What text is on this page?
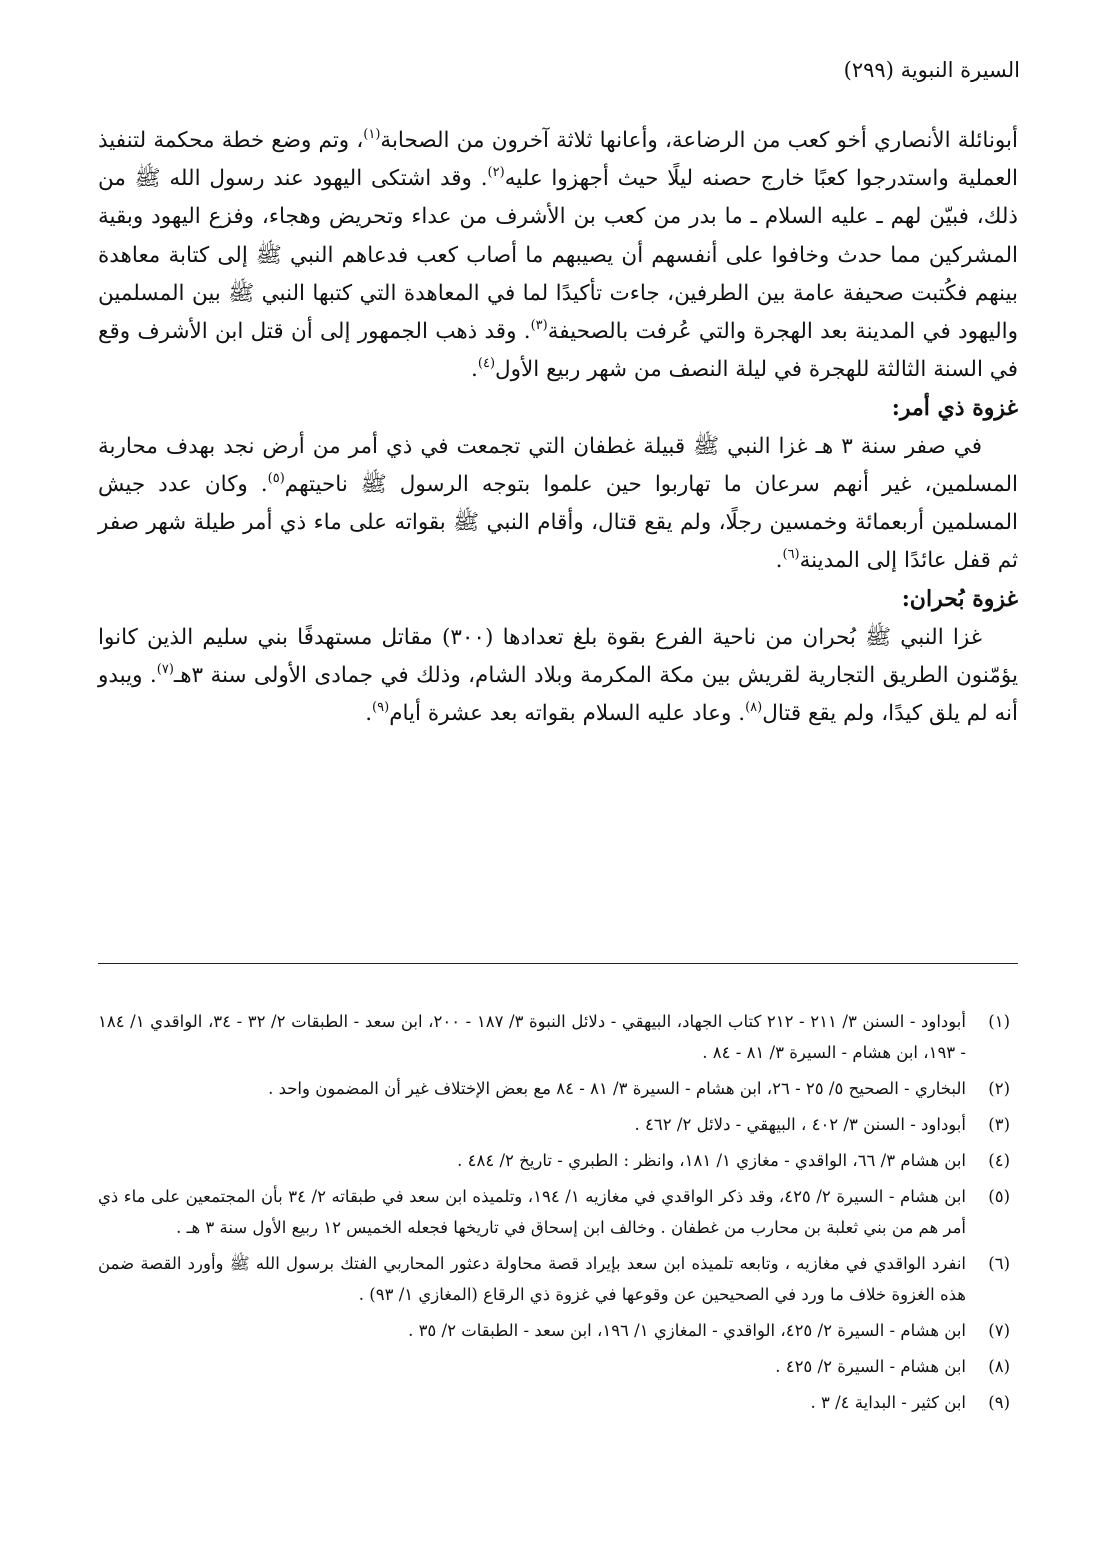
السيرة النبوية (٢٩٩)

أبونائلة الأنصاري أخو كعب من الرضاعة، وأعانها ثلاثة آخرون من الصحابة$^{(١)}$، وتم وضع خطة محكمة لتنفيذ العملية واستدرجوا كعبًا خارج حصنه ليلًا حيث أجهزوا عليه$^{(٢)}$. وقد اشتكى اليهود عند رسول الله ﷺ من ذلك، فبيّن لهم ـ عليه السلام ـ ما بدر من كعب بن الأشرف من عداء وتحريض وهجاء، وفزع اليهود وبقية المشركين مما حدث وخافوا على أنفسهم أن يصيبهم ما أصاب كعب فدعاهم النبي ﷺ إلى كتابة معاهدة بينهم فكُتبت صحيفة عامة بين الطرفين، جاءت تأكيدًا لما في المعاهدة التي كتبها النبي ﷺ بين المسلمين واليهود في المدينة بعد الهجرة والتي عُرفت بالصحيفة$^{(٣)}$. وقد ذهب الجمهور إلى أن قتل ابن الأشرف وقع في السنة الثالثة للهجرة في ليلة النصف من شهر ربيع الأول$^{(٤)}$.

غزوة ذي أمر:

في صفر سنة ٣ هـ غزا النبي ﷺ قبيلة غطفان التي تجمعت في ذي أمر من أرض نجد بهدف محاربة المسلمين، غير أنهم سرعان ما تهاربوا حين علموا بتوجه الرسول ﷺ ناحيتهم$^{(٥)}$. وكان عدد جيش المسلمين أربعمائة وخمسين رجلًا، ولم يقع قتال، وأقام النبي ﷺ بقواته على ماء ذي أمر طيلة شهر صفر ثم قفل عائدًا إلى المدينة$^{(٦)}$.

غزوة بُحران:

غزا النبي ﷺ بُحران من ناحية الفرع بقوة بلغ تعدادها (٣٠٠) مقاتل مستهدفًا بني سليم الذين كانوا يؤمّنون الطريق التجارية لقريش بين مكة المكرمة وبلاد الشام، وذلك في جمادى الأولى سنة ٣هـ$^{(٧)}$. ويبدو أنه لم يلق كيدًا، ولم يقع قتال$^{(٨)}$. وعاد عليه السلام بقواته بعد عشرة أيام$^{(٩)}$.

(١)
أبوداود - السنن ٣/ ٢١١ - ٢١٢ كتاب الجهاد، البيهقي - دلائل النبوة ٣/ ١٨٧ - ٢٠٠، ابن سعد - الطبقات ٢/ ٣٢ - ٣٤، الواقدي ١/ ١٨٤ - ١٩٣، ابن هشام - السيرة ٣/ ٨١ - ٨٤ .
(٢)
البخاري - الصحيح ٥/ ٢٥ - ٢٦، ابن هشام - السيرة ٣/ ٨١ - ٨٤ مع بعض الإختلاف غير أن المضمون واحد .
(٣)
أبوداود - السنن ٣/ ٤٠٢ ، البيهقي - دلائل ٢/ ٤٦٢ .
(٤)
ابن هشام ٣/ ٦٦، الواقدي - مغازي ١/ ١٨١، وانظر : الطبري - تاريخ ٢/ ٤٨٤ .
(٥)
ابن هشام - السيرة ٢/ ٤٢٥، وقد ذكر الواقدي في مغازيه ١/ ١٩٤، وتلميذه ابن سعد في طبقاته ٢/ ٣٤ بأن المجتمعين على ماء ذي أمر هم من بني ثعلبة بن محارب من غطفان . وخالف ابن إسحاق في تاريخها فجعله الخميس ١٢ ربيع الأول سنة ٣ هـ .
(٦)
انفرد الواقدي في مغازيه ، وتابعه تلميذه ابن سعد بإيراد قصة محاولة دعثور المحاربي الفتك برسول الله ﷺ وأورد القصة ضمن هذه الغزوة خلاف ما ورد في الصحيحين عن وقوعها في غزوة ذي الرقاع (المغازي ١/ ٩٣) .
(٧)
ابن هشام - السيرة ٢/ ٤٢٥، الواقدي - المغازي ١/ ١٩٦، ابن سعد - الطبقات ٢/ ٣٥ .
(٨)
ابن هشام - السيرة ٢/ ٤٢٥ .
(٩)
ابن كثير - البداية ٤/ ٣ .
